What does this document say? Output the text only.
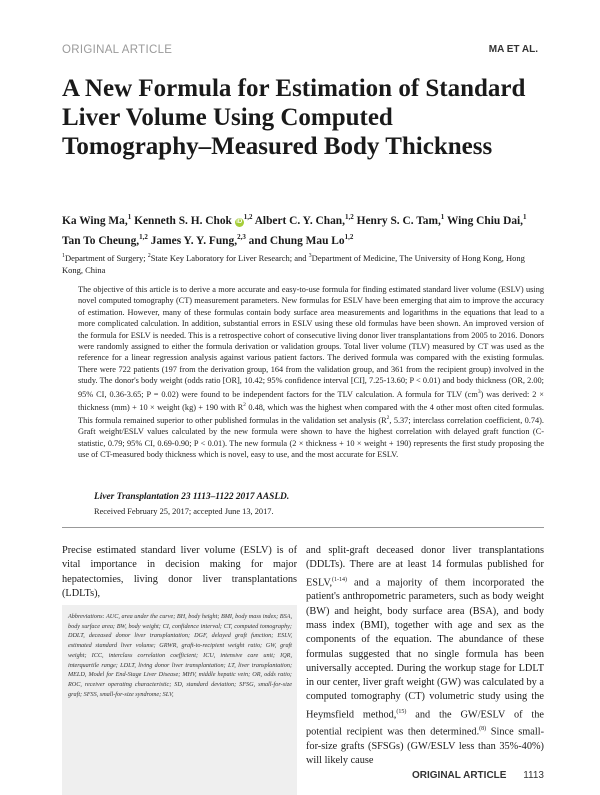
ORIGINAL ARTICLE	MA ET AL.
A New Formula for Estimation of Standard Liver Volume Using Computed Tomography–Measured Body Thickness
Ka Wing Ma,$^1$ Kenneth S. H. Chok iD$^{1,2}$ Albert C. Y. Chan,$^{1,2}$ Henry S. C. Tam,$^1$ Wing Chiu Dai,$^1$ Tan To Cheung,$^{1,2}$ James Y. Y. Fung,$^{2,3}$ and Chung Mau Lo$^{1,2}$
$^1$Department of Surgery; $^2$State Key Laboratory for Liver Research; and $^3$Department of Medicine, The University of Hong Kong, Hong Kong, China
The objective of this article is to derive a more accurate and easy-to-use formula for finding estimated standard liver volume (ESLV) using novel computed tomography (CT) measurement parameters. New formulas for ESLV have been emerging that aim to improve the accuracy of estimation. However, many of these formulas contain body surface area measurements and logarithms in the equations that lead to a more complicated calculation. In addition, substantial errors in ESLV using these old formulas have been shown. An improved version of the formula for ESLV is needed. This is a retrospective cohort of consecutive living donor liver transplantations from 2005 to 2016. Donors were randomly assigned to either the formula derivation or validation groups. Total liver volume (TLV) measured by CT was used as the reference for a linear regression analysis against various patient factors. The derived formula was compared with the existing formulas. There were 722 patients (197 from the derivation group, 164 from the validation group, and 361 from the recipient group) involved in the study. The donor's body weight (odds ratio [OR], 10.42; 95% confidence interval [CI], 7.25-13.60; P < 0.01) and body thickness (OR, 2.00; 95% CI, 0.36-3.65; P = 0.02) were found to be independent factors for the TLV calculation. A formula for TLV $(cm^3)$ was derived: 2 × thickness (mm) + 10 × weight (kg) + 190 with $R^2$ 0.48, which was the highest when compared with the 4 other most often cited formulas. This formula remained superior to other published formulas in the validation set analysis ($R^2$, 5.37; interclass correlation coefficient, 0.74). Graft weight/ESLV values calculated by the new formula were shown to have the highest correlation with delayed graft function (C-statistic, 0.79; 95% CI, 0.69-0.90; P < 0.01). The new formula (2 × thickness + 10 × weight + 190) represents the first study proposing the use of CT-measured body thickness which is novel, easy to use, and the most accurate for ESLV.
Liver Transplantation 23 1113–1122 2017 AASLD.
Received February 25, 2017; accepted June 13, 2017.
Precise estimated standard liver volume (ESLV) is of vital importance in decision making for major hepatectomies, living donor liver transplantations (LDLTs),
Abbreviations: AUC, area under the curve; BH, body height; BMI, body mass index; BSA, body surface area; BW, body weight; CI, confidence interval; CT, computed tomography; DDLT, deceased donor liver transplantation; DGF, delayed graft function; ESLV, estimated standard liver volume; GRWR, graft-to-recipient weight ratio; GW, graft weight; ICC, interclass correlation coefficient; ICU, intensive care unit; IQR, interquartile range; LDLT, living donor liver transplantation; LT, liver transplantation; MELD, Model for End-Stage Liver Disease; MHV, middle hepatic vein; OR, odds ratio; ROC, receiver operating characteristic; SD, standard deviation; SFSG, small-for-size graft; SFSS, small-for-size syndrome; SLV,
and split-graft deceased donor liver transplantations (DDLTs). There are at least 14 formulas published for ESLV,$^{(1-14)}$ and a majority of them incorporated the patient's anthropometric parameters, such as body weight (BW) and height, body surface area (BSA), and body mass index (BMI), together with age and sex as the components of the equation. The abundance of these formulas suggested that no single formula has been universally accepted. During the workup stage for LDLT in our center, liver graft weight (GW) was calculated by a computed tomography (CT) volumetric study using the Heymsfield method,$^{(15)}$ and the GW/ESLV of the potential recipient was then determined.$^{(8)}$ Since small-for-size grafts (SFSGs) (GW/ESLV less than 35%-40%) will likely cause
ORIGINAL ARTICLE 1113
